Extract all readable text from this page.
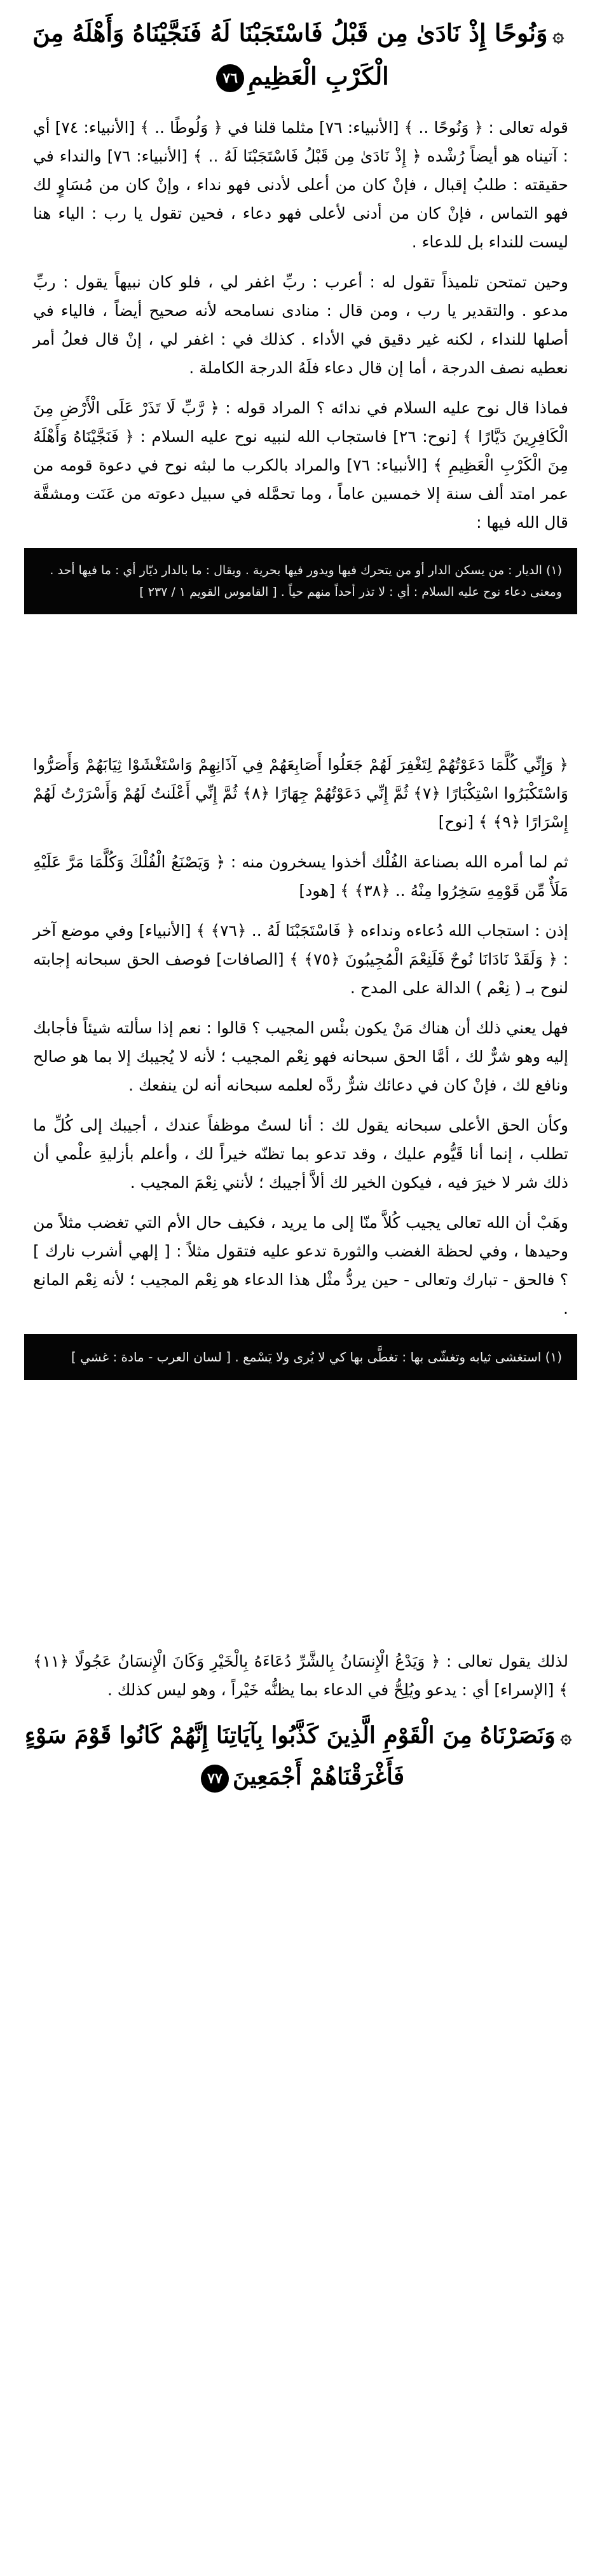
۞وَنُوحًا إِذْ نَادَىٰ مِن قَبْلُ فَاسْتَجَبْنَا لَهُ فَنَجَّيْنَاهُ وَأَهْلَهُ مِنَ الْكَرْبِ الْعَظِيمِ٧٦

قوله تعالى : ﴿ وَنُوحًا .. ﴾ [الأنبياء: ٧٦] مثلما قلنا في ﴿ وَلُوطًا .. ﴾ [الأنبياء: ٧٤] أي : آتيناه هو أيضاً رُشْده ﴿ إِذْ نَادَىٰ مِن قَبْلُ فَاسْتَجَبْنَا لَهُ .. ﴾ [الأنبياء: ٧٦] والنداء في حقيقته : طلبُ إقبال ، فإنْ كان من أعلى لأدنى فهو نداء ، وإنْ كان من مُسَاوٍ لك فهو التماس ، فإنْ كان من أدنى لأعلى فهو دعاء ، فحين تقول يا رب : الياء هنا ليست للنداء بل للدعاء .

وحين تمتحن تلميذاً تقول له : أعرب : ربِّ اغفر لي ، فلو كان نبيهاً يقول : ربِّ مدعو . والتقدير يا رب ، ومن قال : منادى نسامحه لأنه صحيح أيضاً ، فالياء في أصلها للنداء ، لكنه غير دقيق في الأداء . كذلك في : اغفر لي ، إنْ قال فعلُ أمر نعطيه نصف الدرجة ، أما إن قال دعاء فلَهُ الدرجة الكاملة .

فماذا قال نوح عليه السلام في ندائه ؟ المراد قوله : ﴿ رَّبِّ لَا تَذَرْ عَلَى الْأَرْضِ مِنَ الْكَافِرِينَ دَيَّارًا ﴾ [نوح: ٢٦] فاستجاب الله لنبيه نوح عليه السلام : ﴿ فَنَجَّيْنَاهُ وَأَهْلَهُ مِنَ الْكَرْبِ الْعَظِيمِ ﴾ [الأنبياء: ٧٦] والمراد بالكرب ما لبثه نوح في دعوة قومه من عمر امتد ألف سنة إلا خمسين عاماً ، وما تحمَّله في سبيل دعوته من عَنَت ومشقَّة قال الله فيها :

(١) الديار : من يسكن الدار أو من يتحرك فيها ويدور فيها بحرية . ويقال : ما بالدار ديّار أي : ما فيها أحد . ومعنى دعاء نوح عليه السلام : أي : لا تذر أحداً منهم حياً . [ القاموس القويم ١ / ٢٣٧ ]

﴿ وَإِنِّي كُلَّمَا دَعَوْتُهُمْ لِتَغْفِرَ لَهُمْ جَعَلُوا أَصَابِعَهُمْ فِي آذَانِهِمْ وَاسْتَغْشَوْا ثِيَابَهُمْ وَأَصَرُّوا وَاسْتَكْبَرُوا اسْتِكْبَارًا ﴿٧﴾ ثُمَّ إِنِّي دَعَوْتُهُمْ جِهَارًا ﴿٨﴾ ثُمَّ إِنِّي أَعْلَنتُ لَهُمْ وَأَسْرَرْتُ لَهُمْ إِسْرَارًا ﴿٩﴾ ﴾ [نوح]

ثم لما أمره الله بصناعة الفُلْك أخذوا يسخرون منه : ﴿ وَيَصْنَعُ الْفُلْكَ وَكُلَّمَا مَرَّ عَلَيْهِ مَلَأٌ مِّن قَوْمِهِ سَخِرُوا مِنْهُ .. ﴿٣٨﴾ ﴾ [هود]

إذن : استجاب الله دُعاءه ونداءه ﴿ فَاسْتَجَبْنَا لَهُ .. ﴿٧٦﴾ ﴾ [الأنبياء] وفي موضع آخر : ﴿ وَلَقَدْ نَادَانَا نُوحٌ فَلَنِعْمَ الْمُجِيبُونَ ﴿٧٥﴾ ﴾ [الصافات] فوصف الحق سبحانه إجابته لنوح بـ ( نِعْم ) الدالة على المدح .

فهل يعني ذلك أن هناك مَنْ يكون بئْس المجيب ؟ قالوا : نعم إذا سألته شيئاً فأجابك إليه وهو شرٌّ لك ، أمَّا الحق سبحانه فهو نِعْم المجيب ؛ لأنه لا يُجيبك إلا بما هو صالح ونافع لك ، فإنْ كان في دعائك شرٌّ ردَّه لعلمه سبحانه أنه لن ينفعك .

وكأن الحق الأعلى سبحانه يقول لك : أنا لستُ موظفاً عندك ، أجيبك إلى كُلِّ ما تطلب ، إنما أنا قَيُّوم عليك ، وقد تدعو بما تظنّه خيراً لك ، وأعلم بأزليةِ علْمي أن ذلك شر لا خيرَ فيه ، فيكون الخير لك ألاَّ أجيبك ؛ لأنني نِعْمَ المجيب .

وهَبْ أن الله تعالى يجيب كُلاَّ منّا إلى ما يريد ، فكيف حال الأم التي تغضب مثلاً من وحيدها ، وفي لحظة الغضب والثورة تدعو عليه فتقول مثلاً : [ إلهي أشرب نارك ] ؟ فالحق - تبارك وتعالى - حين يردُّ مثْل هذا الدعاء هو نِعْم المجيب ؛ لأنه نِعْم المانع .

(١) استغشى ثيابه وتغشّى بها : تغطَّى بها كي لا يُرى ولا يَسْمع . [ لسان العرب - مادة : غشي ]

لذلك يقول تعالى : ﴿ وَيَدْعُ الْإِنسَانُ بِالشَّرِّ دُعَاءَهُ بِالْخَيْرِ وَكَانَ الْإِنسَانُ عَجُولًا ﴿١١﴾ ﴾ [الإسراء] أي : يدعو ويُلِحُّ في الدعاء بما يظنُّه خَيْراً ، وهو ليس كذلك .

۞وَنَصَرْنَاهُ مِنَ الْقَوْمِ الَّذِينَ كَذَّبُوا بِآيَاتِنَا إِنَّهُمْ كَانُوا قَوْمَ سَوْءٍ فَأَغْرَقْنَاهُمْ أَجْمَعِينَ٧٧
